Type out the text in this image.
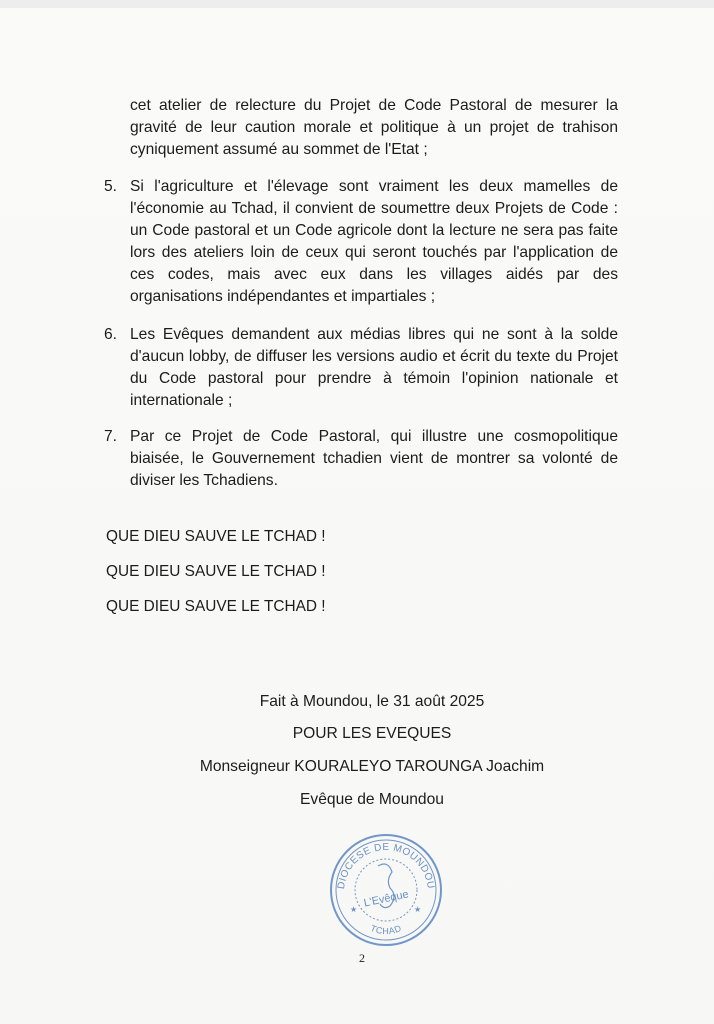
cet atelier de relecture du Projet de Code Pastoral de mesurer la gravité de leur caution morale et politique à un projet de trahison cyniquement assumé au sommet de l'Etat ;
5. Si l'agriculture et l'élevage sont vraiment les deux mamelles de l'économie au Tchad, il convient de soumettre deux Projets de Code : un Code pastoral et un Code agricole dont la lecture ne sera pas faite lors des ateliers loin de ceux qui seront touchés par l'application de ces codes, mais avec eux dans les villages aidés par des organisations indépendantes et impartiales ;
6. Les Evêques demandent aux médias libres qui ne sont à la solde d'aucun lobby, de diffuser les versions audio et écrit du texte du Projet du Code pastoral pour prendre à témoin l'opinion nationale et internationale ;
7. Par ce Projet de Code Pastoral, qui illustre une cosmopolitique biaisée, le Gouvernement tchadien vient de montrer sa volonté de diviser les Tchadiens.
QUE DIEU SAUVE LE TCHAD !
QUE DIEU SAUVE LE TCHAD !
QUE DIEU SAUVE LE TCHAD !
Fait à Moundou, le 31 août 2025
POUR LES EVEQUES
Monseigneur KOURALEYO TAROUNGA Joachim
Evêque de Moundou
DIOCESE DE MOUNDOU
L'Evêque
TCHAD
★	★
2
